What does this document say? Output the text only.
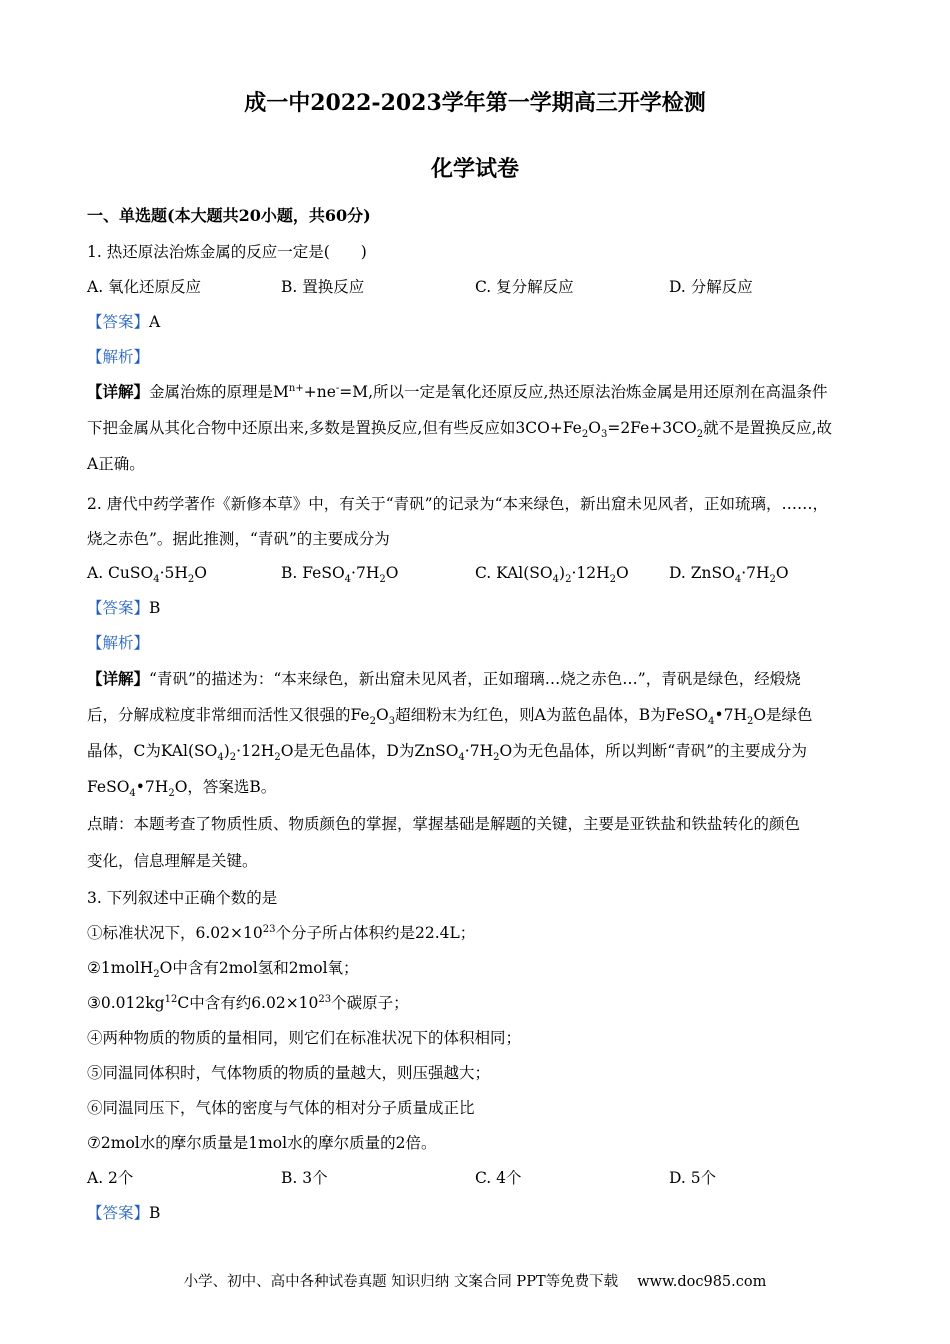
成一中2022-2023学年第一学期高三开学检测
化学试卷
一、单选题(本大题共20小题，共60分)
1. 热还原法治炼金属的反应一定是(　　)
A. 氧化还原反应	B. 置换反应	C. 复分解反应	D. 分解反应
【答案】A
【解析】
【详解】金属治炼的原理是$M^{n+}+ne^-=M$,所以一定是氧化还原反应,热还原法治炼金属是用还原剂在高温条件
下把金属从其化合物中还原出来,多数是置换反应,但有些反应如$3CO+Fe_2O_3=2Fe+3CO_2$就不是置换反应,故
A正确。
2. 唐代中药学著作《新修本草》中，有关于“青矾”的记录为“本来绿色，新出窟未见风者，正如琉璃，……，
烧之赤色”。据此推测，“青矾”的主要成分为
A. $CuSO_4\cdot 5H_2O$	B. $FeSO_4\cdot 7H_2O$	C. $KAl(SO_4)_2\cdot 12H_2O$	D. $ZnSO_4\cdot 7H_2O$
【答案】B
【解析】
【详解】“青矾”的描述为：“本来绿色，新出窟未见风者，正如瑠璃…烧之赤色…”，青矾是绿色，经煅烧
后，分解成粒度非常细而活性又很强的$Fe_2O_3$超细粉末为红色，则A为蓝色晶体，B为$FeSO_4•7H_2O$是绿色
晶体，C为$KAl(SO_4)_2\cdot 12H_2O$是无色晶体，D为$ZnSO_4\cdot 7H_2O$为无色晶体，所以判断“青矾”的主要成分为
$FeSO_4•7H_2O$，答案选B。
点睛：本题考查了物质性质、物质颜色的掌握，掌握基础是解题的关键，主要是亚铁盐和铁盐转化的颜色
变化，信息理解是关键。
3. 下列叙述中正确个数的是
①标准状况下，$6.02\times 10^{23}$个分子所占体积约是22.4L；
②1molH$_2$O中含有2mol氢和2mol氧；
$③0.012kg^{12}C$中含有约$6.02\times 10^{23}$个碳原子；
④两种物质的物质的量相同，则它们在标准状况下的体积相同；
⑤同温同体积时，气体物质的物质的量越大，则压强越大；
⑥同温同压下，气体的密度与气体的相对分子质量成正比
⑦2mol水的摩尔质量是1mol水的摩尔质量的2倍。
A. 2个	B. 3个	C. 4个	D. 5个
【答案】B
小学、初中、高中各种试卷真题 知识归纳 文案合同 PPT等免费下载　 www.doc985.com
